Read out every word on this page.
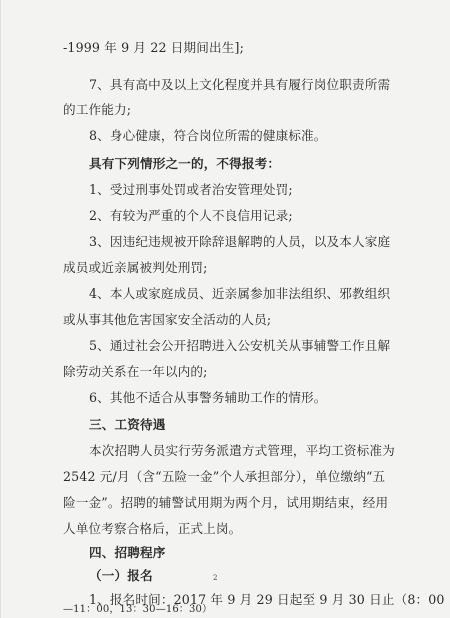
-1999 年 9 月 22 日期间出生];
7、具有高中及以上文化程度并具有履行岗位职责所需
的工作能力;
8、身心健康，符合岗位所需的健康标准。
具有下列情形之一的，不得报考：
1、受过刑事处罚或者治安管理处罚;
2、有较为严重的个人不良信用记录;
3、因违纪违规被开除辞退解聘的人员，以及本人家庭
成员或近亲属被判处刑罚;
4、本人或家庭成员、近亲属参加非法组织、邪教组织
或从事其他危害国家安全活动的人员;
5、通过社会公开招聘进入公安机关从事辅警工作且解
除劳动关系在一年以内的;
6、其他不适合从事警务辅助工作的情形。
三、工资待遇
本次招聘人员实行劳务派遣方式管理，平均工资标准为
2542 元/月（含“五险一金”个人承担部分），单位缴纳“五
险一金”。招聘的辅警试用期为两个月，试用期结束，经用
人单位考察合格后，正式上岗。
四、招聘程序
（一）报名
1、报名时间：2017 年 9 月 29 日起至 9 月 30 日止（8：00
—11：00，13：30—16：30）
2
